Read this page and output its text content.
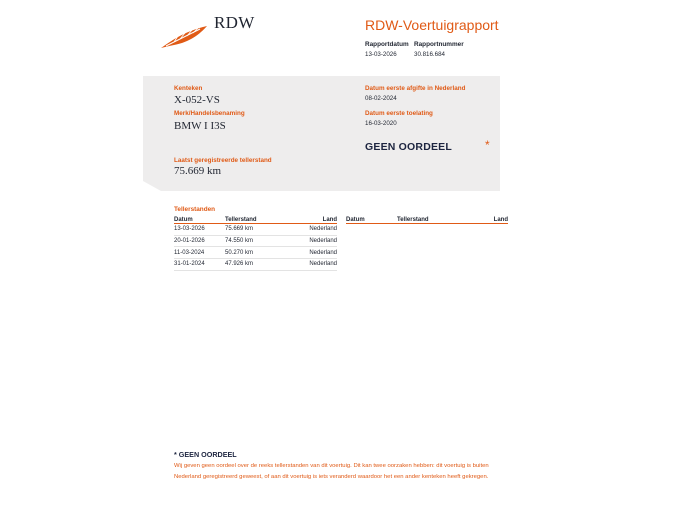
RDW	RDW-Voertuigrapport
Rapportdatum
13-03-2026
Rapportnummer
30.816.684
Kenteken
X-052-VS
Merk/Handelsbenaming
BMW I I3S
Laatst geregistreerde tellerstand
75.669 km
Datum eerste afgifte in Nederland
08-02-2024
Datum eerste toelating
16-03-2020
GEEN OORDEEL	*
Tellerstanden
Datum	Tellerstand	Land
13-03-2026	75.669 km	Nederland
20-01-2026	74.550 km	Nederland
11-03-2024	50.270 km	Nederland
31-01-2024	47.926 km	Nederland
Datum	Tellerstand	Land
* GEEN OORDEEL
Wij geven geen oordeel over de reeks tellerstanden van dit voertuig. Dit kan twee oorzaken hebben: dit voertuig is buiten Nederland geregistreerd geweest, of aan dit voertuig is iets veranderd waardoor het een ander kenteken heeft gekregen.
